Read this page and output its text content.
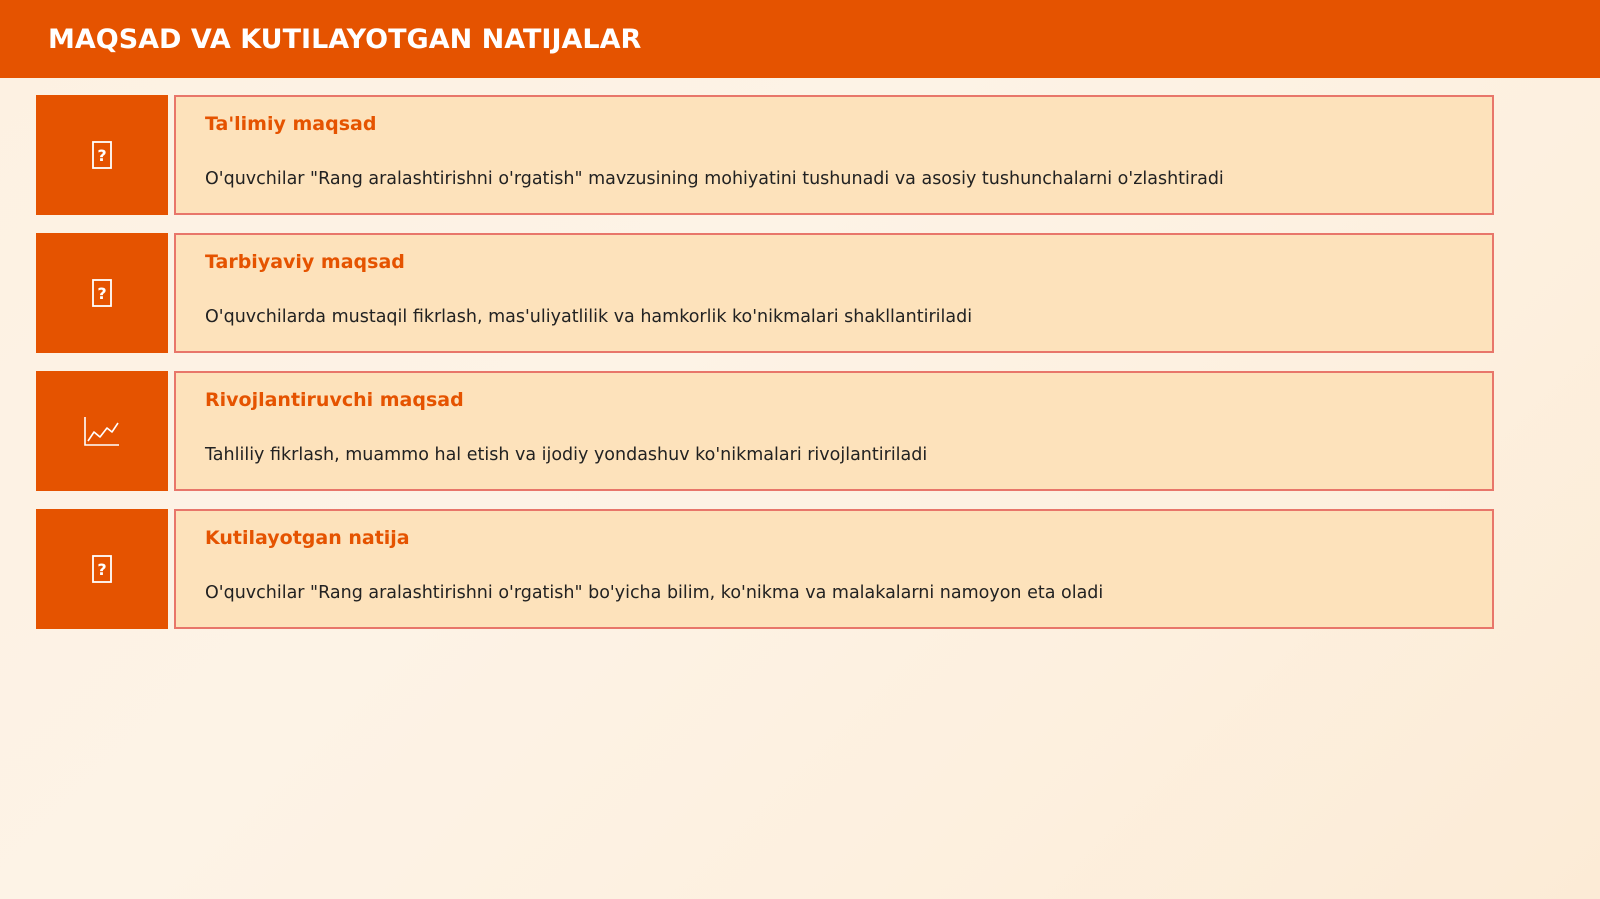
MAQSAD VA KUTILAYOTGAN NATIJALAR
?
Ta'limiy maqsad
O'quvchilar "Rang aralashtirishni o'rgatish" mavzusining mohiyatini tushunadi va asosiy tushunchalarni o'zlashtiradi
?
Tarbiyaviy maqsad
O'quvchilarda mustaqil fikrlash, mas'uliyatlilik va hamkorlik ko'nikmalari shakllantiriladi
Rivojlantiruvchi maqsad
Tahliliy fikrlash, muammo hal etish va ijodiy yondashuv ko'nikmalari rivojlantiriladi
?
Kutilayotgan natija
O'quvchilar "Rang aralashtirishni o'rgatish" bo'yicha bilim, ko'nikma va malakalarni namoyon eta oladi
